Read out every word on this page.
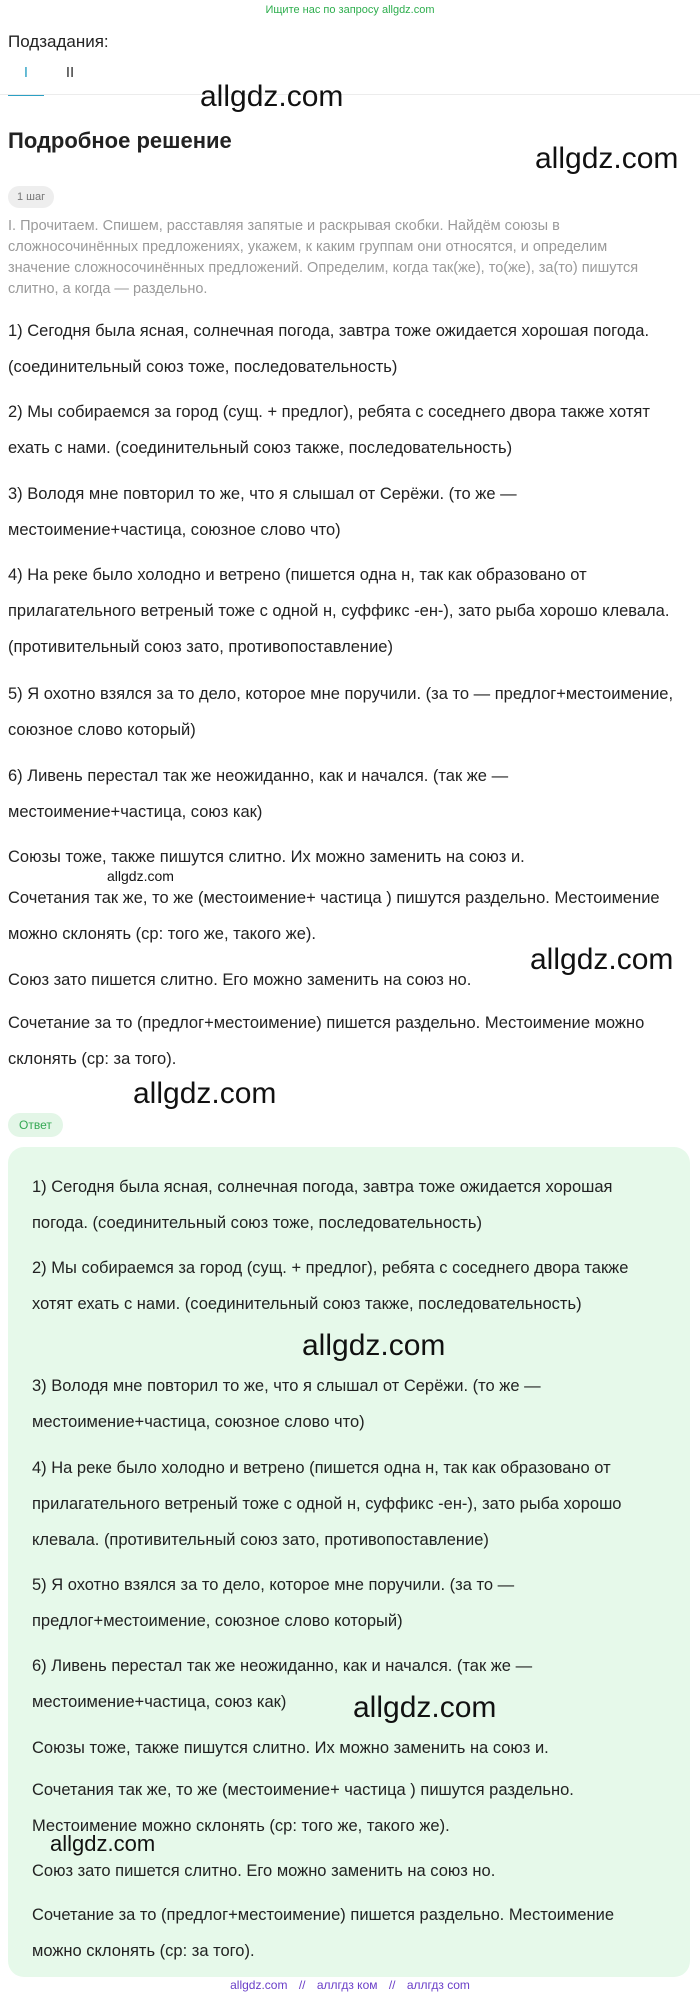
Ищите нас по запросу allgdz.com
Подзадания:
I	II
Подробное решение
1 шаг
I. Прочитаем. Спишем, расставляя запятые и раскрывая скобки. Найдём союзы в сложносочинённых предложениях, укажем, к каким группам они относятся, и определим значение сложносочинённых предложений. Определим, когда так(же), то(же), за(то) пишутся слитно, а когда — раздельно.
1) Сегодня была ясная, солнечная погода, завтра тоже ожидается хорошая погода. (соединительный союз тоже, последовательность)
2) Мы собираемся за город (сущ. + предлог), ребята с соседнего двора также хотят ехать с нами. (соединительный союз также, последовательность)
3) Володя мне повторил то же, что я слышал от Серёжи. (то же — местоимение+частица, союзное слово что)
4) На реке было холодно и ветрено (пишется одна н, так как образовано от прилагательного ветреный тоже с одной н, суффикс -ен-), зато рыба хорошо клевала. (противительный союз зато, противопоставление)
5) Я охотно взялся за то дело, которое мне поручили. (за то — предлог+местоимение, союзное слово который)
6) Ливень перестал так же неожиданно, как и начался. (так же — местоимение+частица, союз как)
Союзы тоже, также пишутся слитно. Их можно заменить на союз и.
Сочетания так же, то же (местоимение+ частица ) пишутся раздельно. Местоимение можно склонять (ср: того же, такого же).
Союз зато пишется слитно. Его можно заменить на союз но.
Сочетание за то (предлог+местоимение) пишется раздельно. Местоимение можно склонять (ср: за того).
Ответ
1) Сегодня была ясная, солнечная погода, завтра тоже ожидается хорошая погода. (соединительный союз тоже, последовательность)
2) Мы собираемся за город (сущ. + предлог), ребята с соседнего двора также хотят ехать с нами. (соединительный союз также, последовательность)
3) Володя мне повторил то же, что я слышал от Серёжи. (то же — местоимение+частица, союзное слово что)
4) На реке было холодно и ветрено (пишется одна н, так как образовано от прилагательного ветреный тоже с одной н, суффикс -ен-), зато рыба хорошо клевала. (противительный союз зато, противопоставление)
5) Я охотно взялся за то дело, которое мне поручили. (за то — предлог+местоимение, союзное слово который)
6) Ливень перестал так же неожиданно, как и начался. (так же — местоимение+частица, союз как)
Союзы тоже, также пишутся слитно. Их можно заменить на союз и.
Сочетания так же, то же (местоимение+ частица ) пишутся раздельно. Местоимение можно склонять (ср: того же, такого же).
Союз зато пишется слитно. Его можно заменить на союз но.
Сочетание за то (предлог+местоимение) пишется раздельно. Местоимение можно склонять (ср: за того).
allgdz.com
allgdz.com
allgdz.com
allgdz.com
allgdz.com
allgdz.com
allgdz.com
allgdz.com
allgdz.com // аллгдз ком // аллгдз com
